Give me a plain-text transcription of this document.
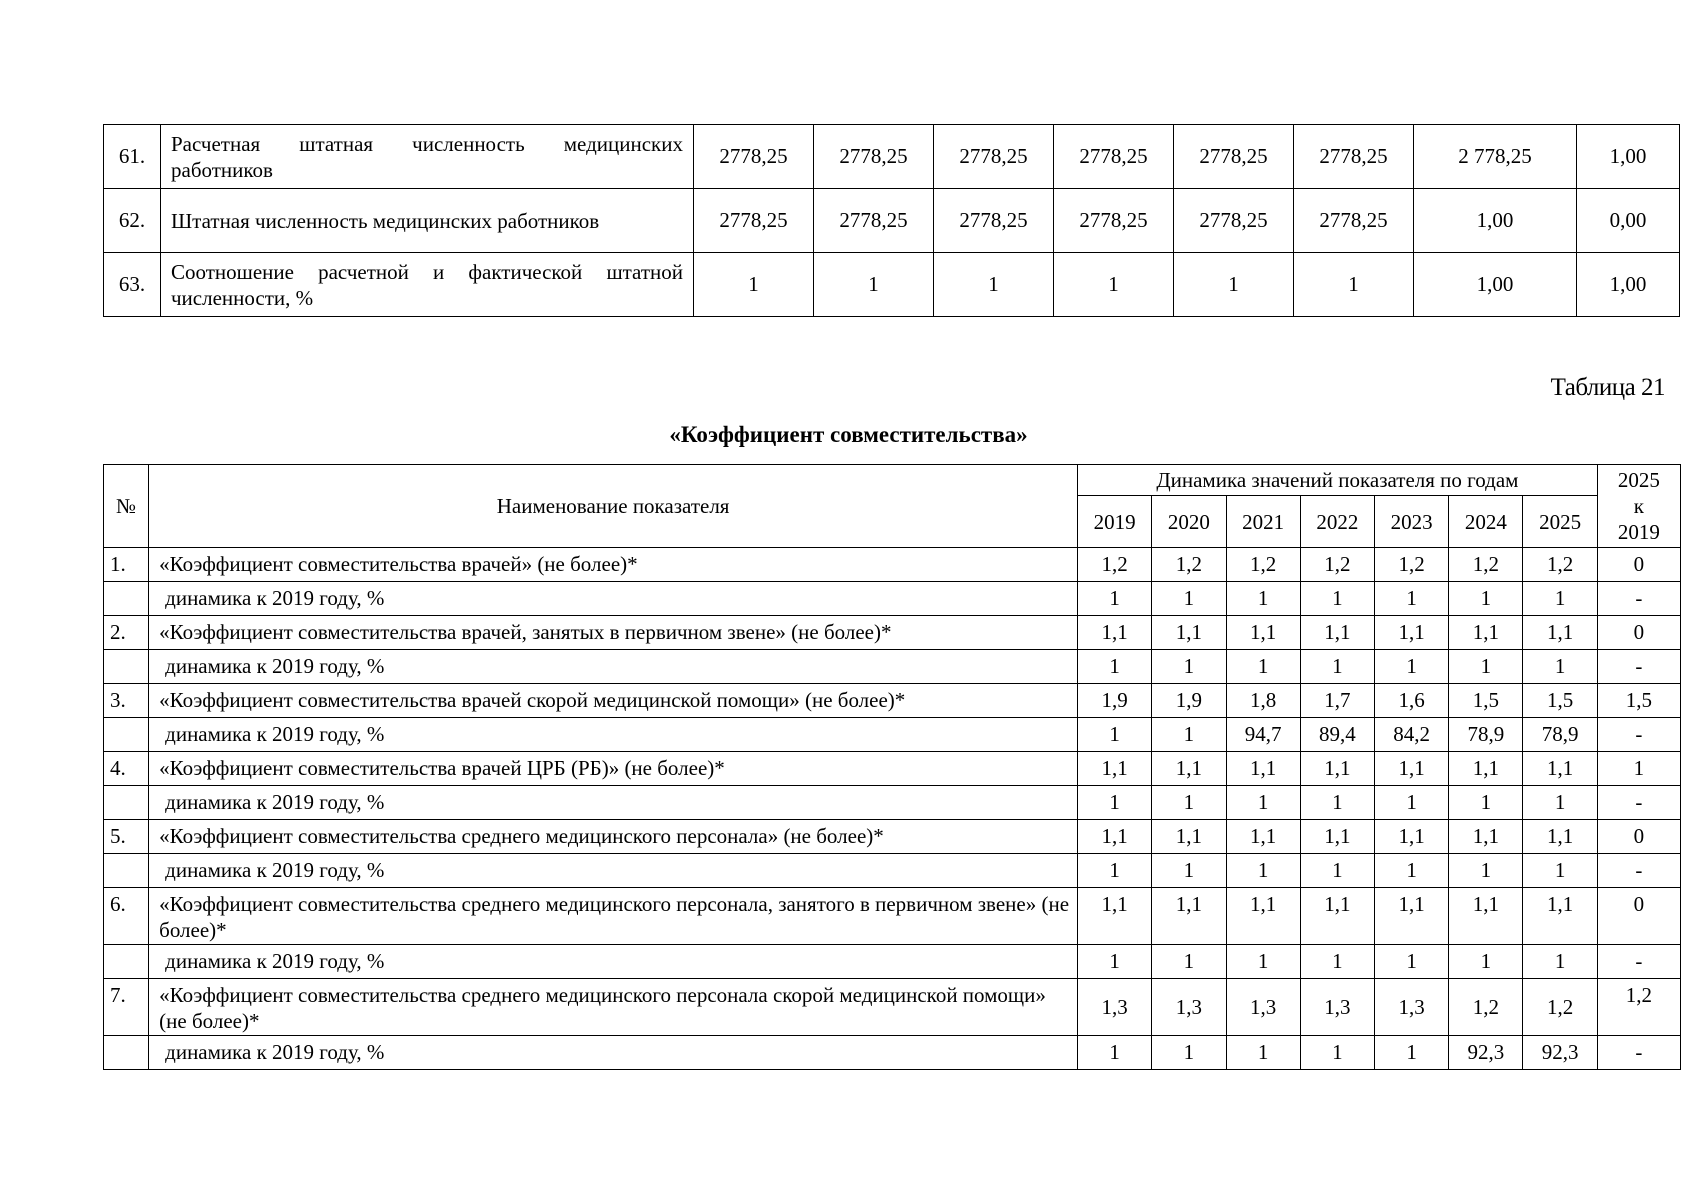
61.	Расчетная штатная численность медицинских работников	2778,25	2778,25	2778,25	2778,25	2778,25	2778,25	2 778,25	1,00
62.	Штатная численность медицинских работников	2778,25	2778,25	2778,25	2778,25	2778,25	2778,25	1,00	0,00
63.	Соотношение расчетной и фактической штатной численности, %	1	1	1	1	1	1	1,00	1,00
Таблица 21
«Коэффициент совместительства»
№	Наименование показателя	Динамика значений показателя по годам							2025
к
2019
		2019	2020	2021	2022	2023	2024	2025	
1.	«Коэффициент совместительства врачей» (не более)*	1,2	1,2	1,2	1,2	1,2	1,2	1,2	0
	динамика к 2019 году, %	1	1	1	1	1	1	1	-
2.	«Коэффициент совместительства врачей, занятых в первичном звене» (не более)*	1,1	1,1	1,1	1,1	1,1	1,1	1,1	0
	динамика к 2019 году, %	1	1	1	1	1	1	1	-
3.	«Коэффициент совместительства врачей скорой медицинской помощи» (не более)*	1,9	1,9	1,8	1,7	1,6	1,5	1,5	1,5
	динамика к 2019 году, %	1	1	94,7	89,4	84,2	78,9	78,9	-
4.	«Коэффициент совместительства врачей ЦРБ (РБ)» (не более)*	1,1	1,1	1,1	1,1	1,1	1,1	1,1	1
	динамика к 2019 году, %	1	1	1	1	1	1	1	-
5.	«Коэффициент совместительства среднего медицинского персонала» (не более)*	1,1	1,1	1,1	1,1	1,1	1,1	1,1	0
	динамика к 2019 году, %	1	1	1	1	1	1	1	-
6.	«Коэффициент совместительства среднего медицинского персонала, занятого в первичном звене» (не более)*	1,1	1,1	1,1	1,1	1,1	1,1	1,1	0
	динамика к 2019 году, %	1	1	1	1	1	1	1	-
7.	«Коэффициент совместительства среднего медицинского персонала скорой медицинской помощи» (не более)*	1,3	1,3	1,3	1,3	1,3	1,2	1,2	1,2
	динамика к 2019 году, %	1	1	1	1	1	92,3	92,3	-
